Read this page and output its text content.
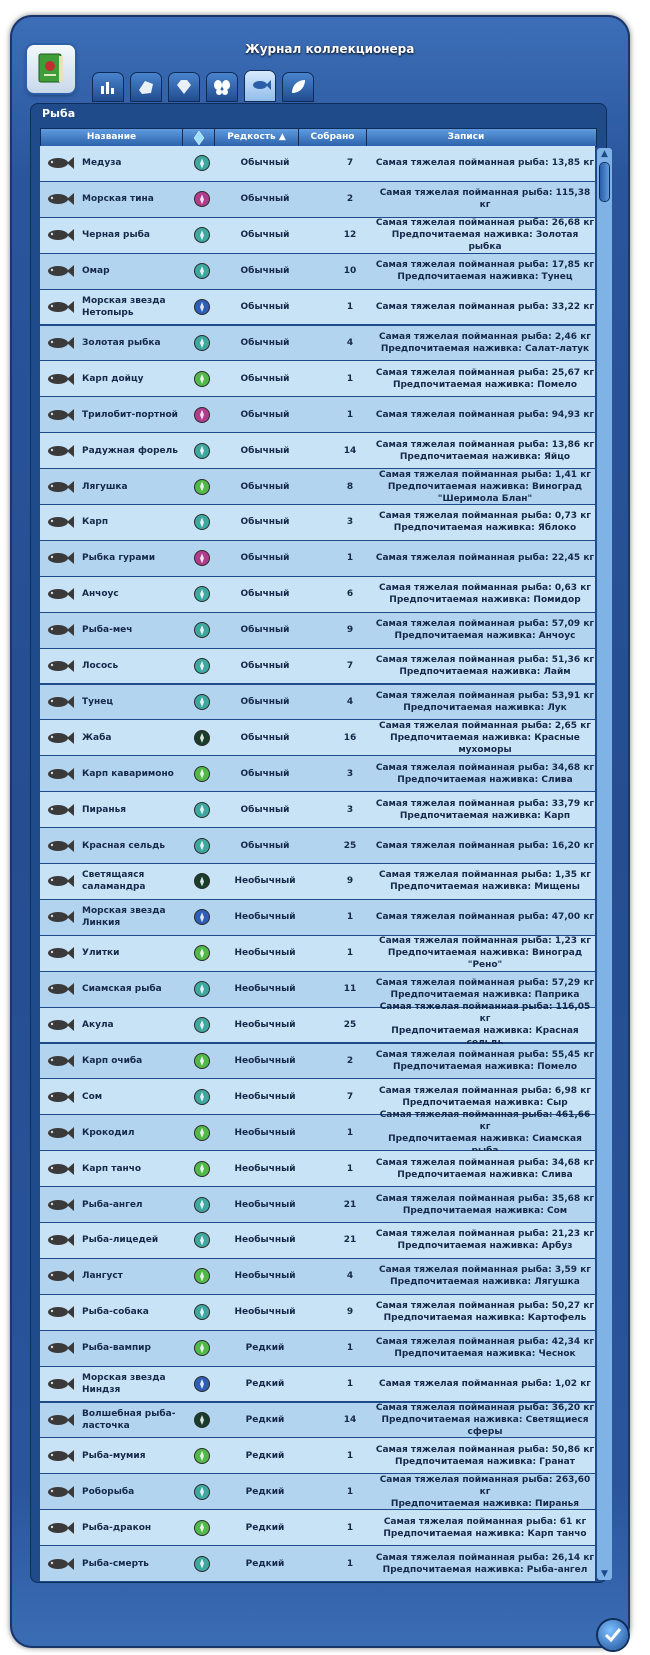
Журнал коллекционера
Рыба
Название	Редкость ▲	Собрано	Записи
Медуза	Обычный	7	Самая тяжелая пойманная рыба: 13,85 кг
Морская тина	Обычный	2
Самая тяжелая пойманная рыба: 115,38 кг
Черная рыба	Обычный	12
Самая тяжелая пойманная рыба: 26,68 кг
Предпочитаемая наживка: Золотая рыбка
Омар	Обычный	10
Самая тяжелая пойманная рыба: 17,85 кг
Предпочитаемая наживка: Тунец
Морская звезда Нетопырь
Обычный	1	Самая тяжелая пойманная рыба: 33,22 кг
Золотая рыбка	Обычный	4
Самая тяжелая пойманная рыба: 2,46 кг
Предпочитаемая наживка: Салат-латук
Карп дойцу	Обычный	1
Самая тяжелая пойманная рыба: 25,67 кг
Предпочитаемая наживка: Помело
Трилобит-портной	Обычный	1	Самая тяжелая пойманная рыба: 94,93 кг
Радужная форель	Обычный	14
Самая тяжелая пойманная рыба: 13,86 кг
Предпочитаемая наживка: Яйцо
Лягушка	Обычный	8
Самая тяжелая пойманная рыба: 1,41 кг
Предпочитаемая наживка: Виноград
"Шеримола Блан"
Карп	Обычный	3
Самая тяжелая пойманная рыба: 0,73 кг
Предпочитаемая наживка: Яблоко
Рыбка гурами	Обычный	1	Самая тяжелая пойманная рыба: 22,45 кг
Анчоус	Обычный	6
Самая тяжелая пойманная рыба: 0,63 кг
Предпочитаемая наживка: Помидор
Рыба-меч	Обычный	9
Самая тяжелая пойманная рыба: 57,09 кг
Предпочитаемая наживка: Анчоус
Лосось	Обычный	7
Самая тяжелая пойманная рыба: 51,36 кг
Предпочитаемая наживка: Лайм
Тунец	Обычный	4
Самая тяжелая пойманная рыба: 53,91 кг
Предпочитаемая наживка: Лук
Жаба	Обычный	16
Самая тяжелая пойманная рыба: 2,65 кг
Предпочитаемая наживка: Красные
мухоморы
Карп каваримоно	Обычный	3
Самая тяжелая пойманная рыба: 34,68 кг
Предпочитаемая наживка: Слива
Пиранья	Обычный	3
Самая тяжелая пойманная рыба: 33,79 кг
Предпочитаемая наживка: Карп
Красная сельдь	Обычный	25	Самая тяжелая пойманная рыба: 16,20 кг
Светящаяся саламандра
Необычный	9
Самая тяжелая пойманная рыба: 1,35 кг
Предпочитаемая наживка: Мищены
Морская звезда Линкия
Необычный	1	Самая тяжелая пойманная рыба: 47,00 кг
Улитки	Необычный	1
Самая тяжелая пойманная рыба: 1,23 кг
Предпочитаемая наживка: Виноград "Рено"
Сиамская рыба	Необычный	11
Самая тяжелая пойманная рыба: 57,29 кг
Предпочитаемая наживка: Паприка
Акула	Необычный	25
Самая тяжелая пойманная рыба: 116,05 кг
Предпочитаемая наживка: Красная
Карп очиба	Необычный	2
Самая тяжелая пойманная рыба: 55,45 кг
Предпочитаемая наживка: Помело
Сом	Необычный	7
Самая тяжелая пойманная рыба: 6,98 кг
Предпочитаемая наживка: Сыр
Крокодил	Необычный	1
Самая тяжелая пойманная рыба: 461,66 кг
Предпочитаемая наживка: Сиамская
Карп танчо	Необычный	1
Самая тяжелая пойманная рыба: 34,68 кг
Предпочитаемая наживка: Слива
Рыба-ангел	Необычный	21
Самая тяжелая пойманная рыба: 35,68 кг
Предпочитаемая наживка: Сом
Рыба-лицедей	Необычный	21
Самая тяжелая пойманная рыба: 21,23 кг
Предпочитаемая наживка: Арбуз
Лангуст	Необычный	4
Самая тяжелая пойманная рыба: 3,59 кг
Предпочитаемая наживка: Лягушка
Рыба-собака	Необычный	9
Самая тяжелая пойманная рыба: 50,27 кг
Предпочитаемая наживка: Картофель
Рыба-вампир	Редкий	1
Самая тяжелая пойманная рыба: 42,34 кг
Предпочитаемая наживка: Чеснок
Морская звезда Ниндзя
Редкий	1	Самая тяжелая пойманная рыба: 1,02 кг
Волшебная рыба-ласточка
Редкий	14
Самая тяжелая пойманная рыба: 36,20 кг
Предпочитаемая наживка: Светящиеся сферы
Рыба-мумия	Редкий	1
Самая тяжелая пойманная рыба: 50,86 кг
Предпочитаемая наживка: Гранат
Роборыба	Редкий	1
Самая тяжелая пойманная рыба: 263,60 кг
Предпочитаемая наживка: Пиранья
Рыба-дракон	Редкий	1
Самая тяжелая пойманная рыба: 61 кг
Предпочитаемая наживка: Карп танчо
Рыба-смерть	Редкий	1
Самая тяжелая пойманная рыба: 26,14 кг
Предпочитаемая наживка: Рыба-ангел
▲
▼
